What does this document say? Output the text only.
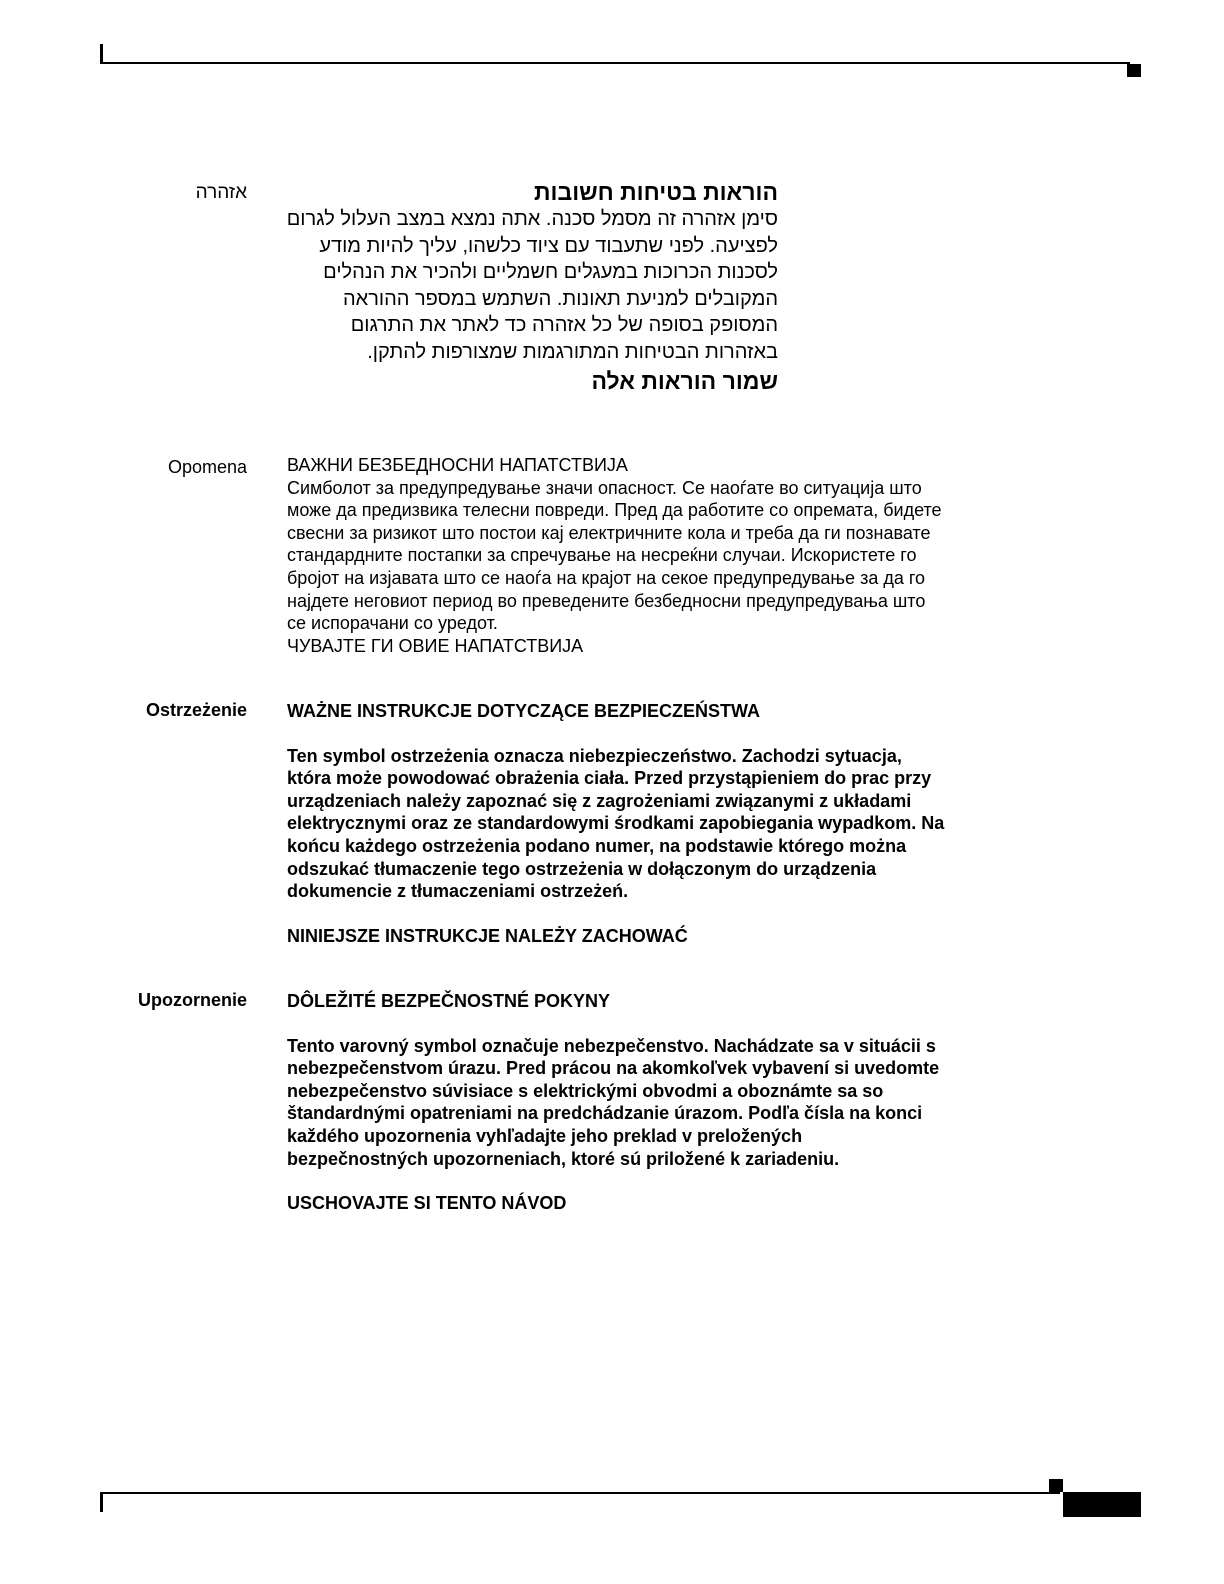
אזהרה	הוראות בטיחות חשובות

סימן אזהרה זה מסמל סכנה. אתה נמצא במצב העלול לגרום לפציעה. לפני שתעבוד עם ציוד כלשהו, עליך להיות מודע לסכנות הכרוכות במעגלים חשמליים ולהכיר את הנהלים המקובלים למניעת תאונות. השתמש במספר ההוראה המסופק בסופה של כל אזהרה כד לאתר את התרגום באזהרות הבטיחות המתורגמות שמצורפות להתקן.

שמור הוראות אלה

Opomena ВАЖНИ БЕЗБЕДНОСНИ НАПАТСТВИЈА

Симболот за предупредување значи опасност. Се наоѓате во ситуација што може да предизвика телесни повреди. Пред да работите со опремата, бидете свесни за ризикот што постои кај електричните кола и треба да ги познавате стандардните постапки за спречување на несреќни случаи. Искористете го бројот на изјавата што се наоѓа на крајот на секое предупредување за да го најдете неговиот период во преведените безбедносни предупредувања што се испорачани со уредот.

ЧУВАЈТЕ ГИ ОВИЕ НАПАТСТВИЈА

Ostrzeżenie WAŻNE INSTRUKCJE DOTYCZĄCE BEZPIECZEŃSTWA

Ten symbol ostrzeżenia oznacza niebezpieczeństwo. Zachodzi sytuacja, która może powodować obrażenia ciała. Przed przystąpieniem do prac przy urządzeniach należy zapoznać się z zagrożeniami związanymi z układami elektrycznymi oraz ze standardowymi środkami zapobiegania wypadkom. Na końcu każdego ostrzeżenia podano numer, na podstawie którego można odszukać tłumaczenie tego ostrzeżenia w dołączonym do urządzenia dokumencie z tłumaczeniami ostrzeżeń.

NINIEJSZE INSTRUKCJE NALEŻY ZACHOWAĆ

Upozornenie DÔLEŽITÉ BEZPEČNOSTNÉ POKYNY

Tento varovný symbol označuje nebezpečenstvo. Nachádzate sa v situácii s nebezpečenstvom úrazu. Pred prácou na akomkoľvek vybavení si uvedomte nebezpečenstvo súvisiace s elektrickými obvodmi a oboznámte sa so štandardnými opatreniami na predchádzanie úrazom. Podľa čísla na konci každého upozornenia vyhľadajte jeho preklad v preložených bezpečnostných upozorneniach, ktoré sú priložené k zariadeniu.

USCHOVAJTE SI TENTO NÁVOD
